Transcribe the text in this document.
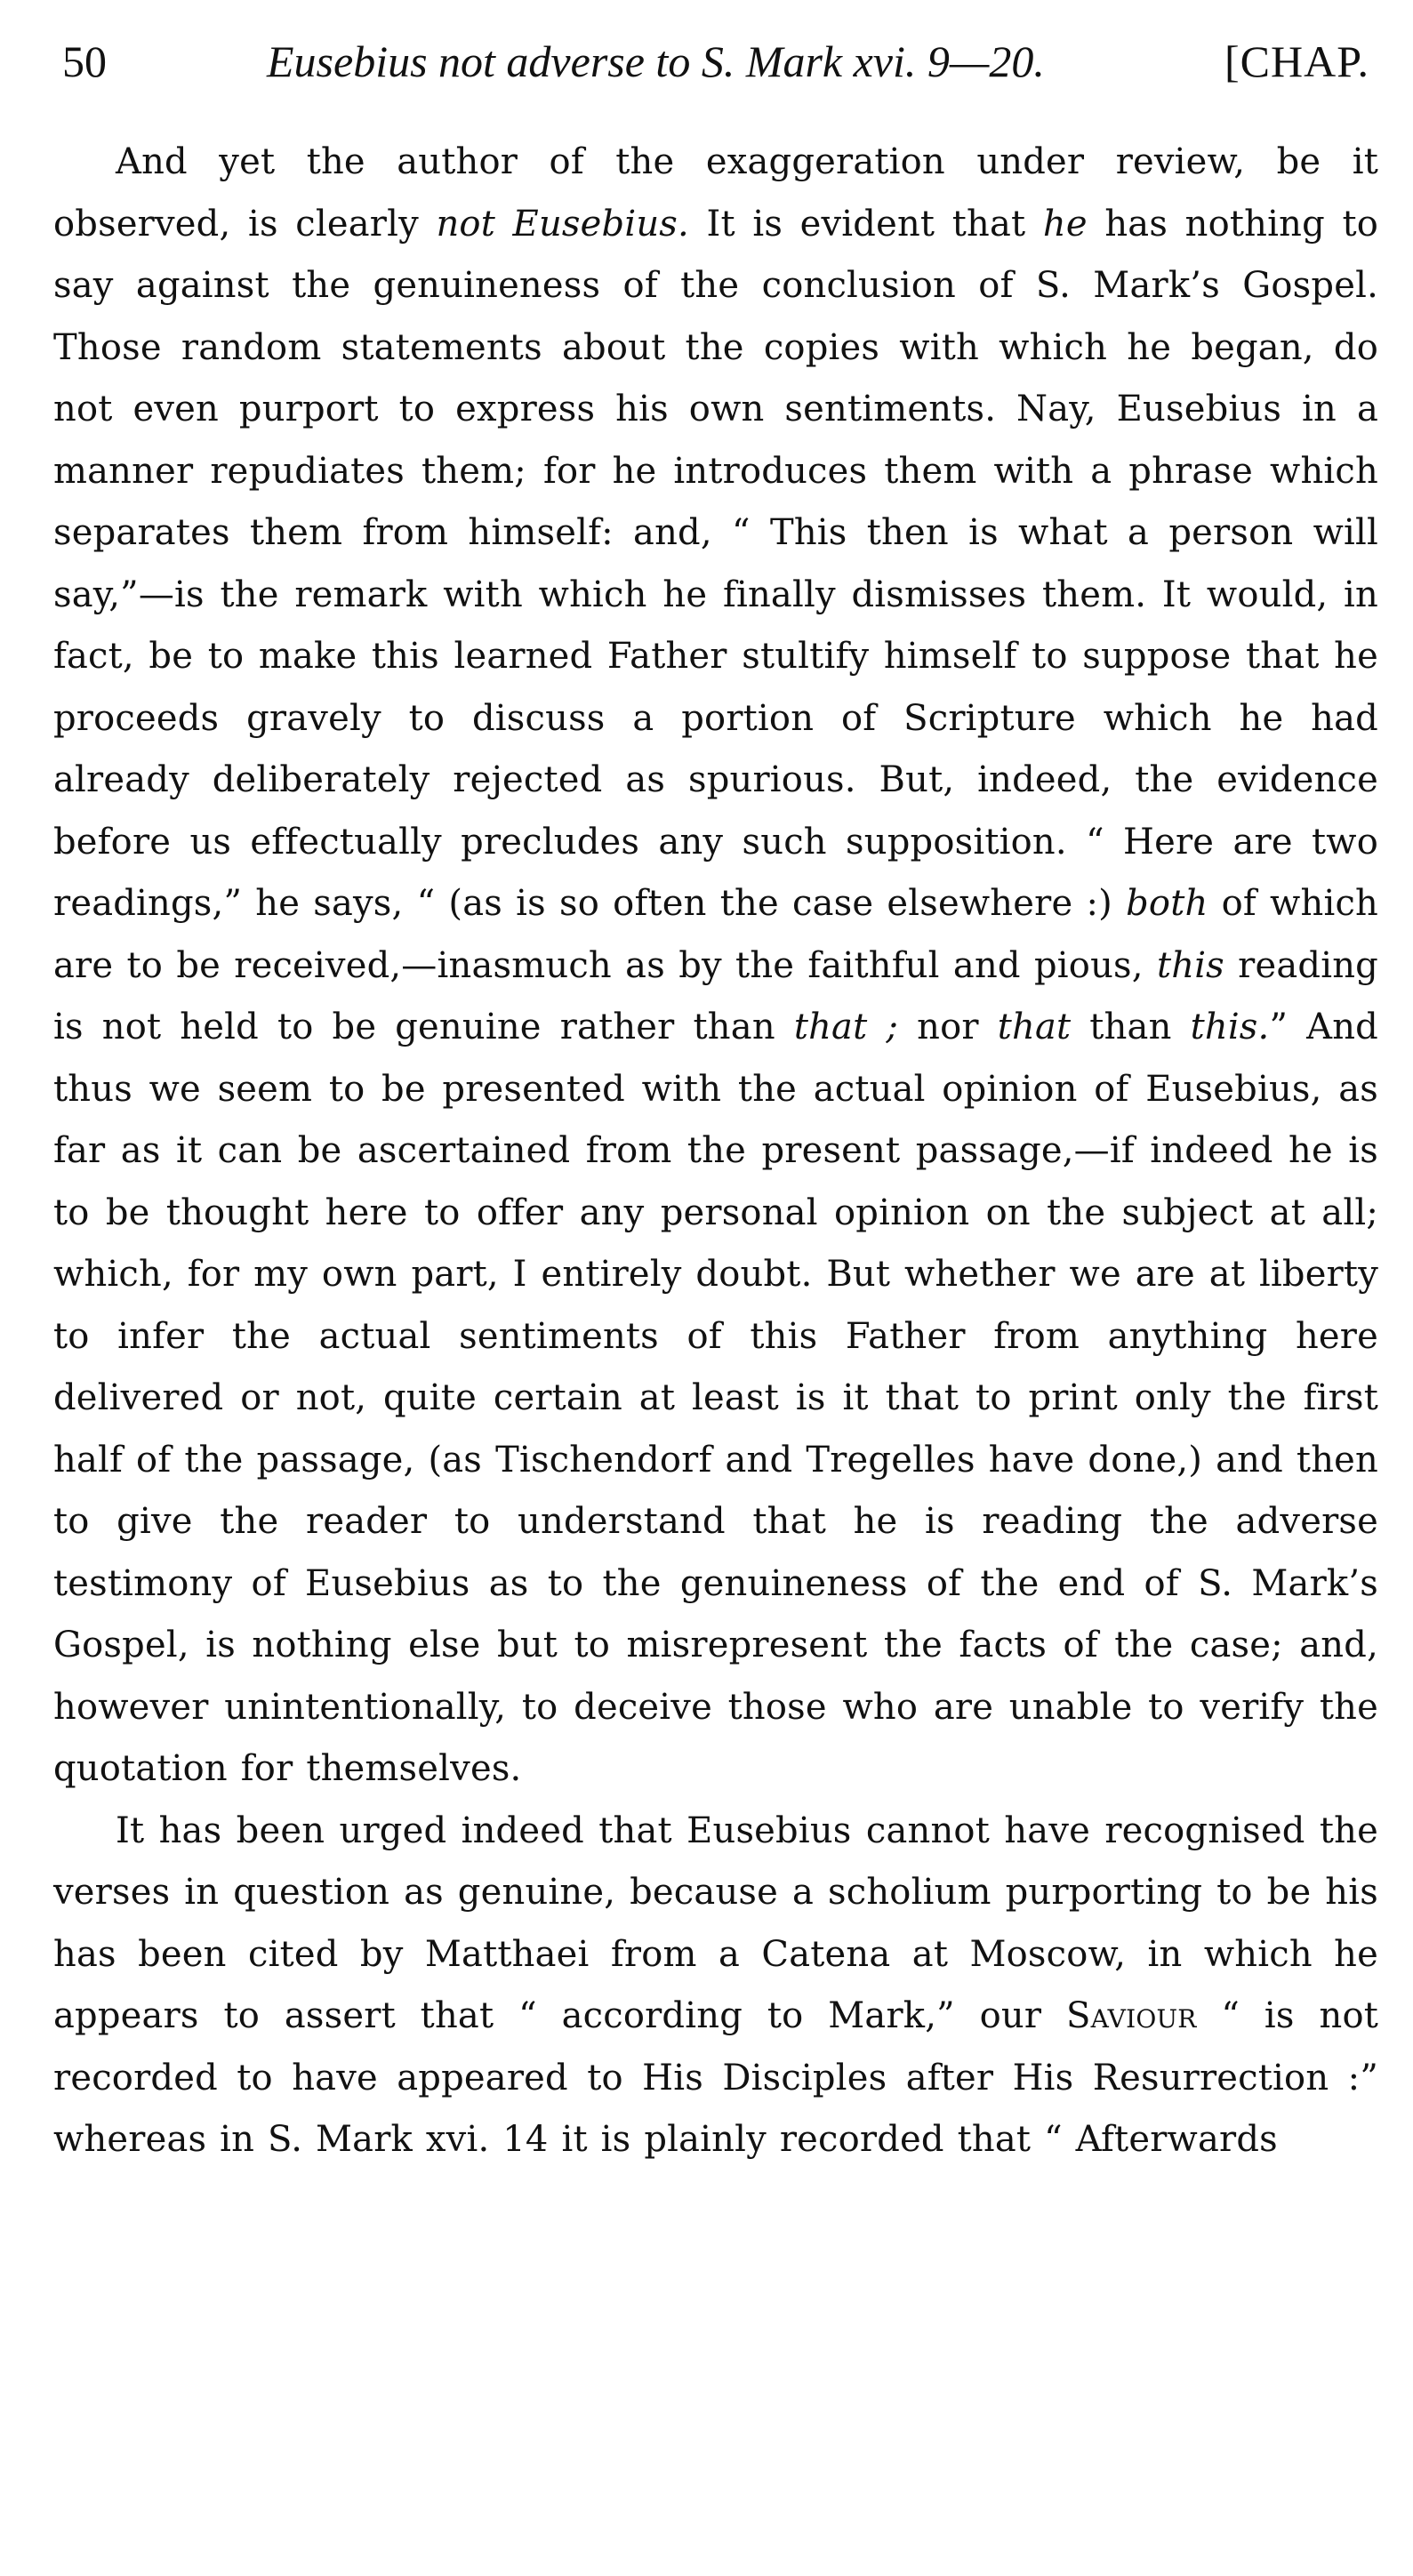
50	Eusebius not adverse to S. Mark xvi. 9—20.	[CHAP.

And yet the author of the exaggeration under review, be it observed, is clearly not Eusebius. It is evident that he has nothing to say against the genuineness of the conclusion of S. Mark’s Gospel. Those random statements about the copies with which he began, do not even purport to express his own sentiments. Nay, Eusebius in a manner repudiates them; for he introduces them with a phrase which separates them from himself: and, “ This then is what a person will say,”—is the remark with which he finally dismisses them. It would, in fact, be to make this learned Father stultify himself to suppose that he proceeds gravely to discuss a portion of Scripture which he had already deliberately rejected as spurious. But, indeed, the evidence before us effectually precludes any such supposition. “ Here are two readings,” he says, “ (as is so often the case elsewhere :) both of which are to be received,—inasmuch as by the faithful and pious, this reading is not held to be genuine rather than that ; nor that than this.” And thus we seem to be presented with the actual opinion of Eusebius, as far as it can be ascertained from the present passage,—if indeed he is to be thought here to offer any personal opinion on the subject at all; which, for my own part, I entirely doubt. But whether we are at liberty to infer the actual sentiments of this Father from anything here delivered or not, quite certain at least is it that to print only the first half of the passage, (as Tischendorf and Tregelles have done,) and then to give the reader to understand that he is reading the adverse testimony of Eusebius as to the genuineness of the end of S. Mark’s Gospel, is nothing else but to misrepresent the facts of the case; and, however unintentionally, to deceive those who are unable to verify the quotation for themselves.

It has been urged indeed that Eusebius cannot have recognised the verses in question as genuine, because a scholium purporting to be his has been cited by Matthaei from a Catena at Moscow, in which he appears to assert that “ according to Mark,” our Saviour “ is not recorded to have appeared to His Disciples after His Resurrection :” whereas in S. Mark xvi. 14 it is plainly recorded that “ Afterwards
